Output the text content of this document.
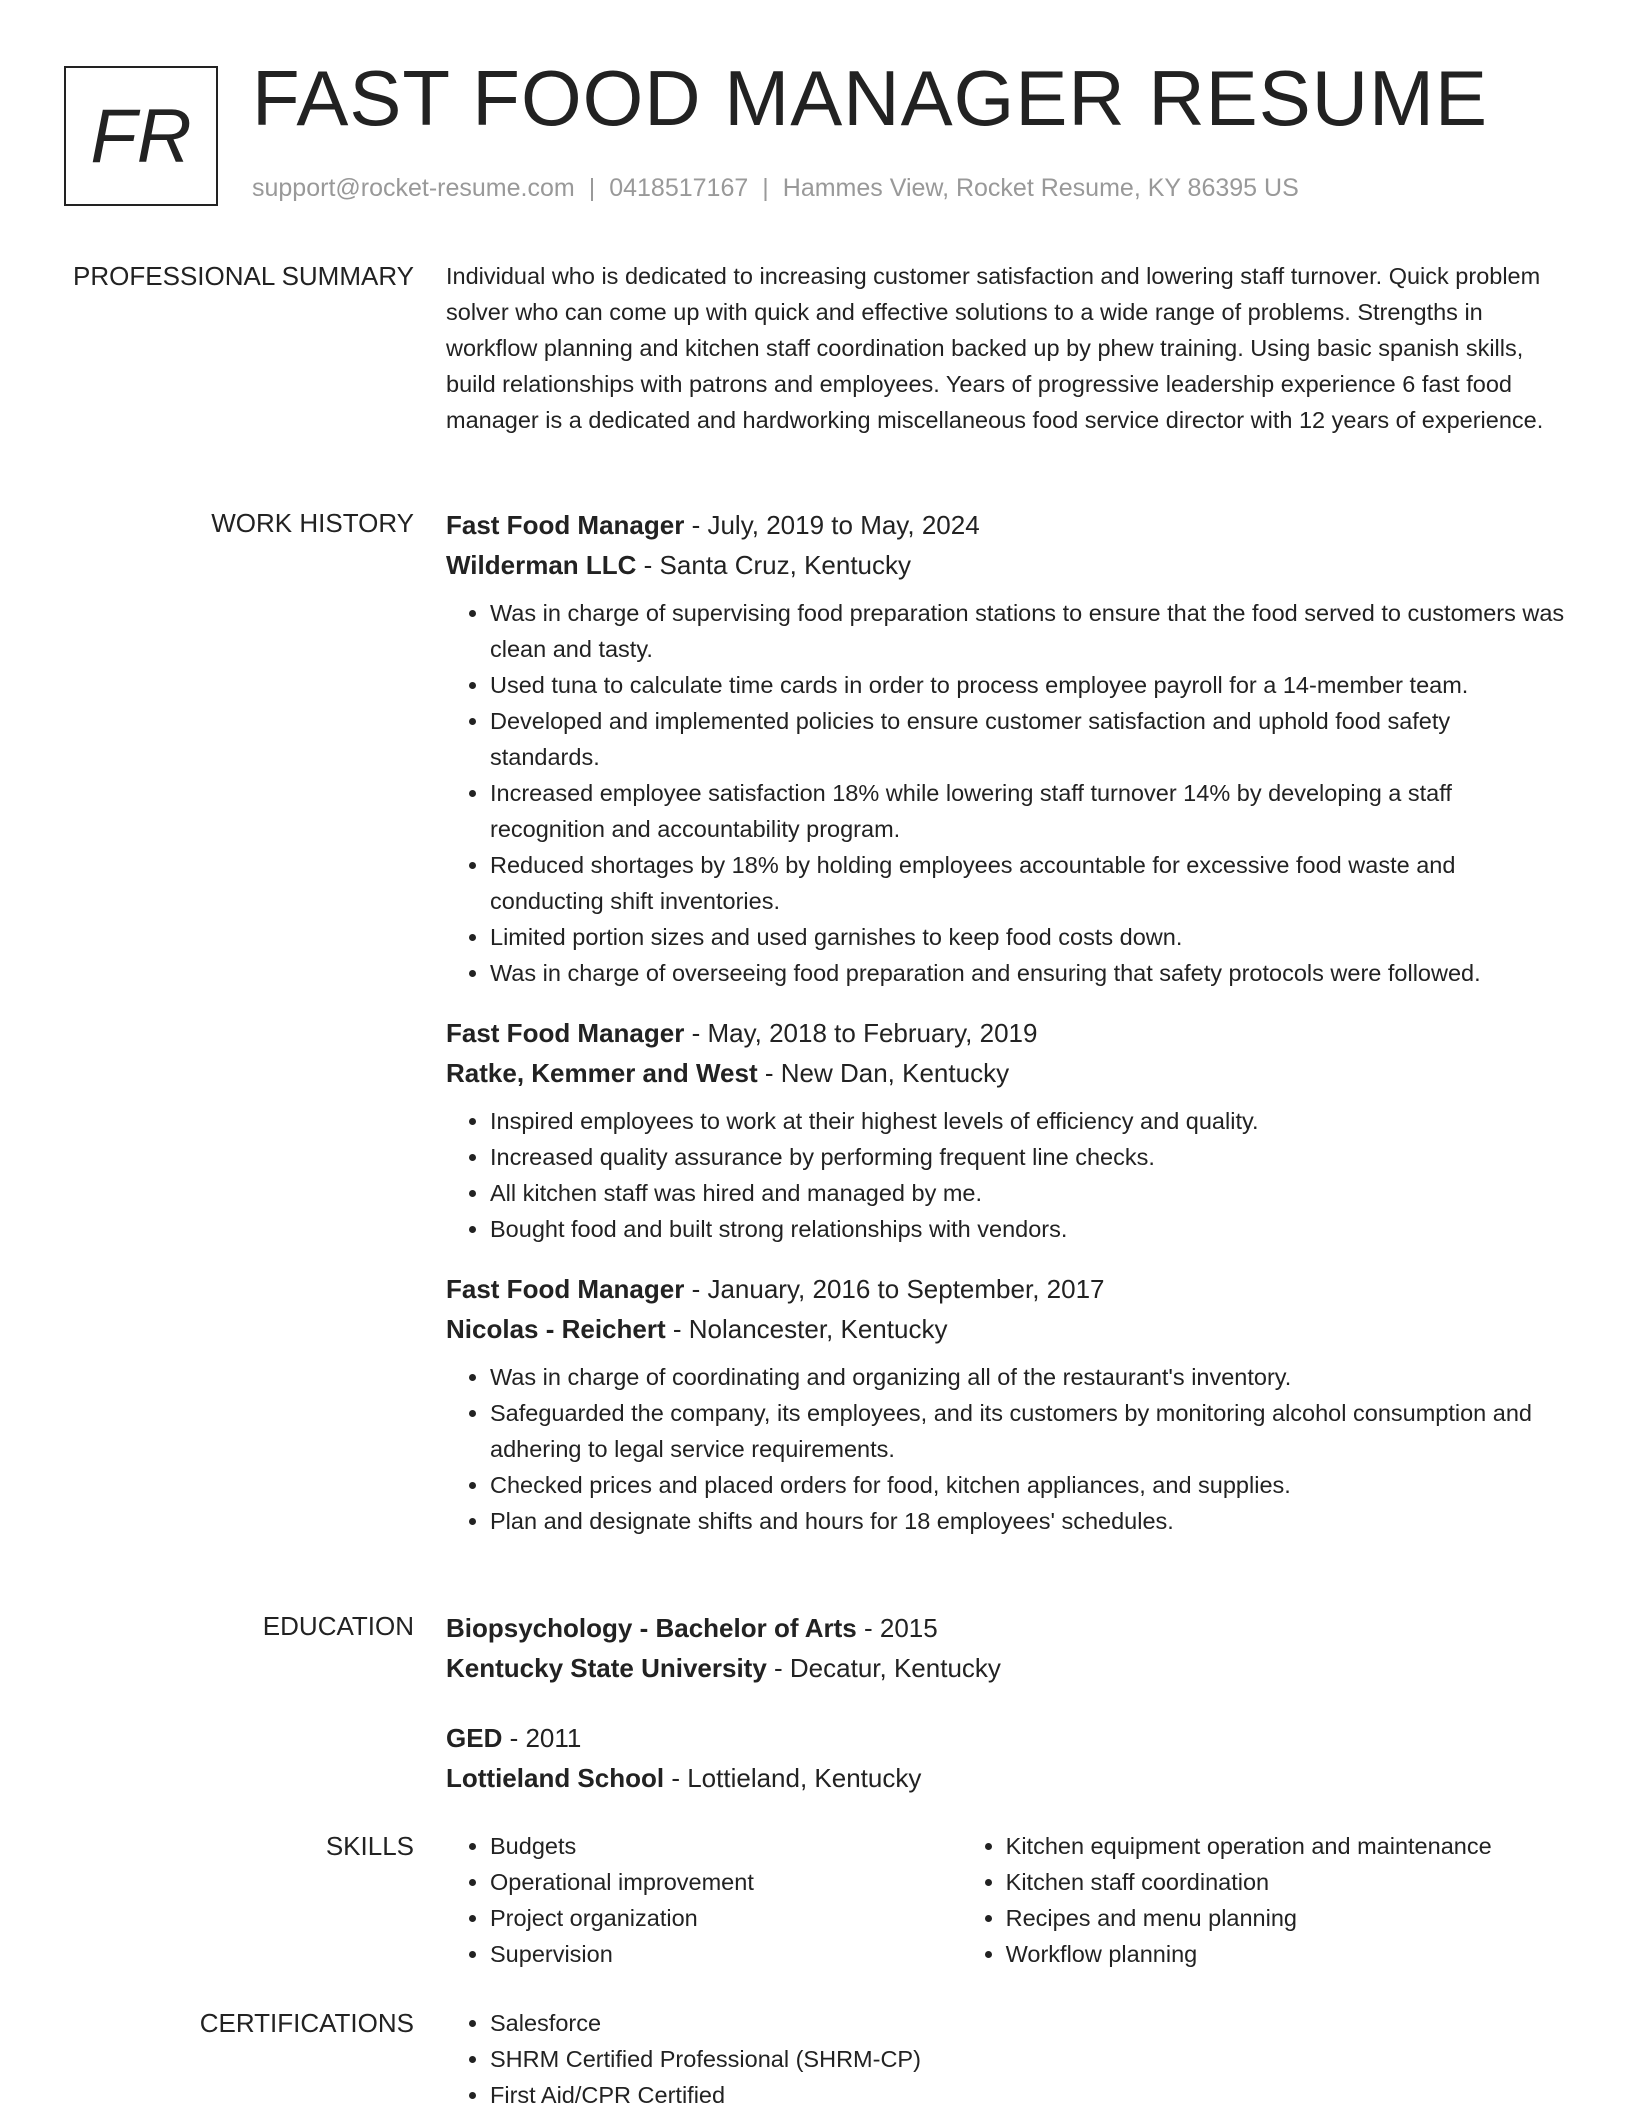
FR FAST FOOD MANAGER RESUME
support@rocket-resume.com | 0418517167 | Hammes View, Rocket Resume, KY 86395 US
PROFESSIONAL SUMMARY Individual who is dedicated to increasing customer satisfaction and lowering staff turnover. Quick problem solver who can come up with quick and effective solutions to a wide range of problems. Strengths in workflow planning and kitchen staff coordination backed up by phew training. Using basic spanish skills, build relationships with patrons and employees. Years of progressive leadership experience 6 fast food manager is a dedicated and hardworking miscellaneous food service director with 12 years of experience.

WORK HISTORY Fast Food Manager - July, 2019 to May, 2024
Wilderman LLC - Santa Cruz, Kentucky
• Was in charge of supervising food preparation stations to ensure that the food served to customers was clean and tasty.
• Used tuna to calculate time cards in order to process employee payroll for a 14-member team.
• Developed and implemented policies to ensure customer satisfaction and uphold food safety standards.
• Increased employee satisfaction 18% while lowering staff turnover 14% by developing a staff recognition and accountability program.
• Reduced shortages by 18% by holding employees accountable for excessive food waste and conducting shift inventories.
• Limited portion sizes and used garnishes to keep food costs down.
• Was in charge of overseeing food preparation and ensuring that safety protocols were followed.
Fast Food Manager - May, 2018 to February, 2019
Ratke, Kemmer and West - New Dan, Kentucky
• Inspired employees to work at their highest levels of efficiency and quality.
• Increased quality assurance by performing frequent line checks.
• All kitchen staff was hired and managed by me.
• Bought food and built strong relationships with vendors.
Fast Food Manager - January, 2016 to September, 2017
Nicolas - Reichert - Nolancester, Kentucky
• Was in charge of coordinating and organizing all of the restaurant's inventory.
• Safeguarded the company, its employees, and its customers by monitoring alcohol consumption and adhering to legal service requirements.
• Checked prices and placed orders for food, kitchen appliances, and supplies.
• Plan and designate shifts and hours for 18 employees' schedules.
EDUCATION Biopsychology - Bachelor of Arts - 2015
Kentucky State University - Decatur, Kentucky
GED - 2011
Lottieland School - Lottieland, Kentucky
SKILLS	• Budgets
• Operational improvement
• Project organization
• Supervision
• Kitchen equipment operation and maintenance
• Kitchen staff coordination
• Recipes and menu planning
• Workflow planning
CERTIFICATIONS	• Salesforce
• SHRM Certified Professional (SHRM-CP)
• First Aid/CPR Certified
